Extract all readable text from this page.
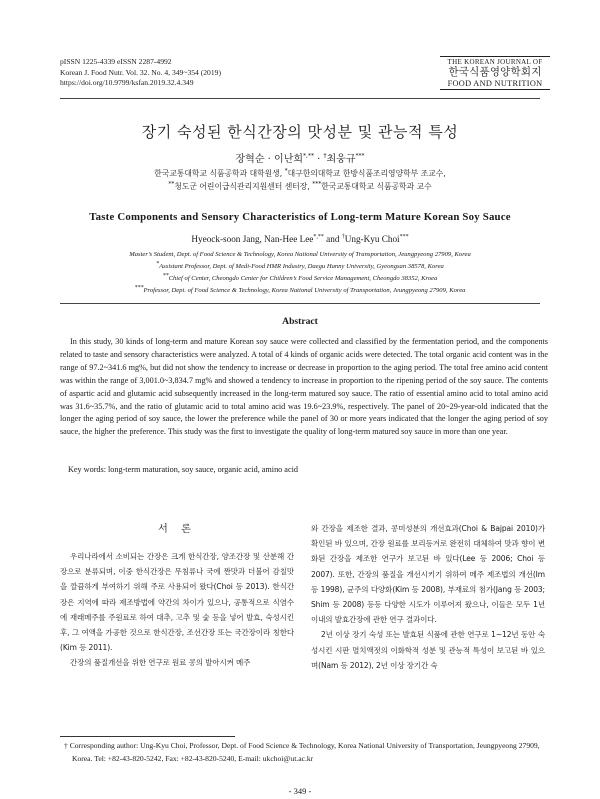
pISSN 1225-4339 eISSN 2287-4992
Korean J. Food Nutr. Vol. 32. No. 4, 349~354 (2019)
https://doi.org/10.9799/ksfan.2019.32.4.349
THE KOREAN JOURNAL OF
한국식품영양학회지
FOOD AND NUTRITION
장기 숙성된 한식간장의 맛성분 및 관능적 특성
장혁순 · 이난희*,** · †최웅규***
한국교통대학교 식품공학과 대학원생, *대구한의대학교 한방식품조리영양학부 조교수,
**청도군 어린이급식관리지원센터 센터장, ***한국교통대학교 식품공학과 교수
Taste Components and Sensory Characteristics of Long-term Mature Korean Soy Sauce
Hyeock-soon Jang, Nan-Hee Lee*,** and †Ung-Kyu Choi***
Master’s Student, Dept. of Food Science & Technology, Korea National University of Transportation, Jeungpyeong 27909, Korea
*Assistant Professor, Dept. of Medi-Food HMR Industry, Daegu Hanny University, Gyeongsan 38578, Korea
**Chief of Center, Cheongdo Center for Children’s Food Service Management, Cheongdo 38352, Kroea
***Professor, Dept. of Food Science & Technology, Korea National University of Transportation, Jeungpyeong 27909, Korea
Abstract
In this study, 30 kinds of long-term and mature Korean soy sauce were collected and classified by the fermentation period, and the components related to taste and sensory characteristics were analyzed. A total of 4 kinds of organic acids were detected. The total organic acid content was in the range of 97.2~341.6 mg%, but did not show the tendency to increase or decrease in proportion to the aging period. The total free amino acid content was within the range of 3,001.0~3,834.7 mg% and showed a tendency to increase in proportion to the ripening period of the soy sauce. The contents of aspartic acid and glutamic acid subsequently increased in the long-term matured soy sauce. The ratio of essential amino acid to total amino acid was 31.6~35.7%, and the ratio of glutamic acid to total amino acid was 19.6~23.9%, respectively. The panel of 20~29-year-old indicated that the longer the aging period of soy sauce, the lower the preference while the panel of 30 or more years indicated that the longer the aging period of soy sauce, the higher the preference. This study was the first to investigate the quality of long-term matured soy sauce in more than one year.
Key words: long-term maturation, soy sauce, organic acid, amino acid
서 론

우리나라에서 소비되는 간장은 크게 한식간장, 양조간장 및 산분해 간장으로 분류되며, 이중 한식간장은 무침류나 국에 짠맛과 더불어 감칠맛을 깔끔하게 부여하기 위해 주로 사용되어 왔다(Choi 등 2013). 한식간장은 지역에 따라 제조방법에 약간의 차이가 있으나, 공통적으로 식염수에 재래메주를 주원료로 하여 대추, 고추 및 숯 등을 넣어 발효, 숙성시킨 후, 그 여액을 가공한 것으로 한식간장, 조선간장 또는 국간장이라 칭한다(Kim 등 2011).

간장의 품질개선을 위한 연구로 원료 콩의 발아시켜 메주

와 간장을 제조한 결과, 콩미성분의 개선효과(Choi & Bajpai 2010)가 확인된 바 있으며, 간장 원료를 보리등겨로 완전히 대체하여 맛과 향이 변화된 간장을 제조한 연구가 보고된 바 있다(Lee 등 2006; Choi 등 2007). 또한, 간장의 품질을 개선시키기 위하여 메주 제조법의 개선(Im 등 1998), 균주의 다양화(Kim 등 2008), 부재료의 첨가(Jang 등 2003; Shim 등 2008) 등등 다양한 시도가 이루어져 왔으나, 이들은 모두 1년 이내의 발효간장에 관한 연구 결과이다.

2년 이상 장기 숙성 또는 발효된 식품에 관한 연구로 1~12년 동안 숙성시킨 시판 멸치액젓의 이화학적 성분 및 관능적 특성이 보고된 바 있으며(Nam 등 2012), 2년 이상 장기간 숙

† Corresponding author: Ung-Kyu Choi, Professor, Dept. of Food Science & Technology, Korea National University of Transportation, Jeungpyeong 27909, Korea. Tel: +82-43-820-5242, Fax: +82-43-820-5240, E-mail: ukchoi@ut.ac.kr
- 349 -
